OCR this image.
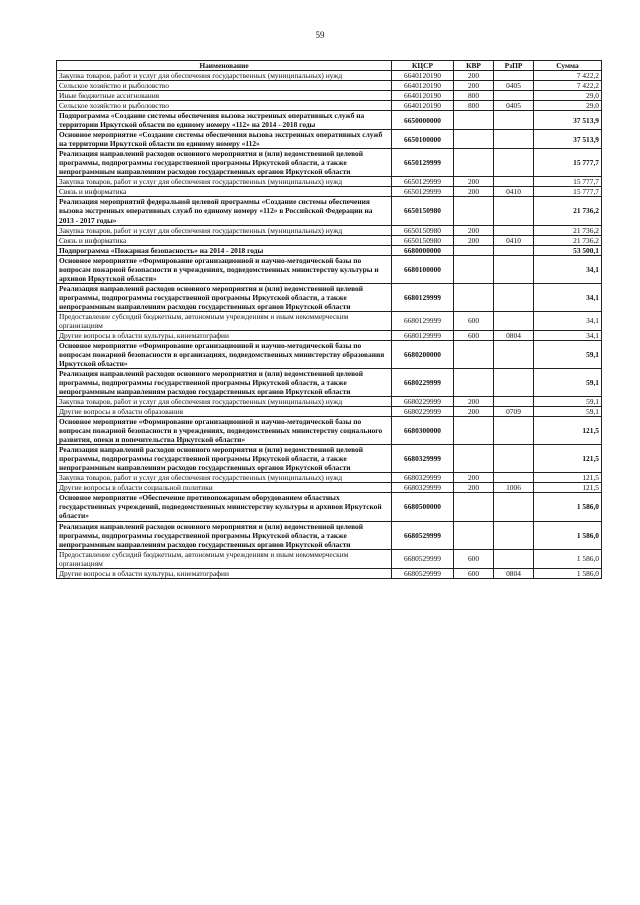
59
Наименование	КЦСР	КВР	РзПР	Сумма
Закупка товаров, работ и услуг для обеспечения государственных (муниципальных) нужд	6640120190	200		7 422,2
Сельское хозяйство и рыболовство	6640120190	200	0405	7 422,2
Иные бюджетные ассигнования	6640120190	800		29,0
Сельское хозяйство и рыболовство	6640120190	800	0405	29,0
Подпрограмма «Создание системы обеспечения вызова экстренных оперативных служб на территории Иркутской области по единому номеру «112» на 2014 - 2018 годы	6650000000			37 513,9
Основное мероприятие «Создание системы обеспечения вызова экстренных оперативных служб на территории Иркутской области по единому номеру «112»	6650100000			37 513,9
Реализация направлений расходов основного мероприятия и (или) ведомственной целевой программы, подпрограммы государственной программы Иркутской области, а также непрограммным направлениям расходов государственных органов Иркутской области	6650129999			15 777,7
Закупка товаров, работ и услуг для обеспечения государственных (муниципальных) нужд	6650129999	200		15 777,7
Связь и информатика	6650129999	200	0410	15 777,7
Реализация мероприятий федеральной целевой программы «Создание системы обеспечения вызова экстренных оперативных служб по единому номеру «112» в Российской Федерации на 2013 - 2017 годы»	6650150980			21 736,2
Закупка товаров, работ и услуг для обеспечения государственных (муниципальных) нужд	6650150980	200		21 736,2
Связь и информатика	6650150980	200	0410	21 736,2
Подпрограмма «Пожарная безопасность» на 2014 - 2018 годы	6680000000			53 500,1
Основное мероприятие «Формирование организационной и научно-методической базы по вопросам пожарной безопасности в учреждениях, подведомственных министерству культуры и архивов Иркутской области»	6680100000			34,1
Реализация направлений расходов основного мероприятия и (или) ведомственной целевой программы, подпрограммы государственной программы Иркутской области, а также непрограммным направлениям расходов государственных органов Иркутской области	6680129999			34,1
Предоставление субсидий бюджетным, автономным учреждениям и иным некоммерческим организациям	6680129999	600		34,1
Другие вопросы в области культуры, кинематографии	6680129999	600	0804	34,1
Основное мероприятие «Формирование организационной и научно-методической базы по вопросам пожарной безопасности в организациях, подведомственных министерству образования Иркутской области»	6680200000			59,1
Реализация направлений расходов основного мероприятия и (или) ведомственной целевой программы, подпрограммы государственной программы Иркутской области, а также непрограммным направлениям расходов государственных органов Иркутской области	6680229999			59,1
Закупка товаров, работ и услуг для обеспечения государственных (муниципальных) нужд	6680229999	200		59,1
Другие вопросы в области образования	6680229999	200	0709	59,1
Основное мероприятие «Формирование организационной и научно-методической базы по вопросам пожарной безопасности в учреждениях, подведомственных министерству социального развития, опеки и попечительства Иркутской области»	6680300000			121,5
Реализация направлений расходов основного мероприятия и (или) ведомственной целевой программы, подпрограммы государственной программы Иркутской области, а также непрограммным направлениям расходов государственных органов Иркутской области	6680329999			121,5
Закупка товаров, работ и услуг для обеспечения государственных (муниципальных) нужд	6680329999	200		121,5
Другие вопросы в области социальной политики	6680329999	200	1006	121,5
Основное мероприятие «Обеспечение противопожарным оборудованием областных государственных учреждений, подведомственных министерству культуры и архивов Иркутской области»	6680500000			1 586,0
Реализация направлений расходов основного мероприятия и (или) ведомственной целевой программы, подпрограммы государственной программы Иркутской области, а также непрограммным направлениям расходов государственных органов Иркутской области	6680529999			1 586,0
Предоставление субсидий бюджетным, автономным учреждениям и иным некоммерческим организациям	6680529999	600		1 586,0
Другие вопросы в области культуры, кинематографии	6680529999	600	0804	1 586,0
